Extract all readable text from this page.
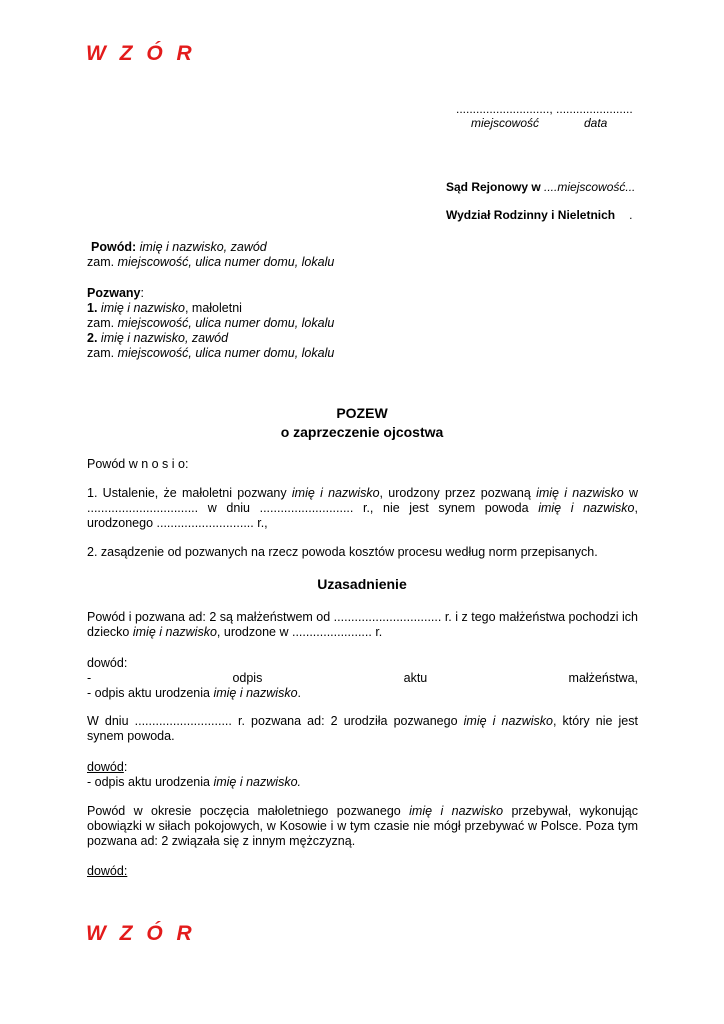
W Z Ó R
............................, .......................
miejscowość	data
Sąd Rejonowy w ....miejscowość...
Wydział Rodzinny i Nieletnich .

Powód: imię i nazwisko, zawód

zam. miejscowość, ulica numer domu, lokalu

Pozwany:

1. imię i nazwisko, małoletni

zam. miejscowość, ulica numer domu, lokalu

2. imię i nazwisko, zawód

zam. miejscowość, ulica numer domu, lokalu

POZEW

o zaprzeczenie ojcostwa

Powód w n o s i o:
1. Ustalenie, że małoletni pozwany imię i nazwisko, urodzony przez pozwaną imię i nazwisko w ................................ w dniu ........................... r., nie jest synem powoda imię i nazwisko, urodzonego ............................ r.,
2. zasądzenie od pozwanych na rzecz powoda kosztów procesu według norm przepisanych.
Uzasadnienie
Powód i pozwana ad: 2 są małżeństwem od ............................... r. i z tego małżeństwa pochodzi ich dziecko imię i nazwisko, urodzone w ....................... r.

dowód:

- odpis aktu małżeństwa,

- odpis aktu urodzenia imię i nazwisko.

W dniu ............................ r. pozwana ad: 2 urodziła pozwanego imię i nazwisko, który nie jest synem powoda.

dowód:

- odpis aktu urodzenia imię i nazwisko.

Powód w okresie poczęcia małoletniego pozwanego imię i nazwisko przebywał, wykonując obowiązki w siłach pokojowych, w Kosowie i w tym czasie nie mógł przebywać w Polsce. Poza tym pozwana ad: 2 związała się z innym mężczyzną.
dowód:
W Z Ó R
